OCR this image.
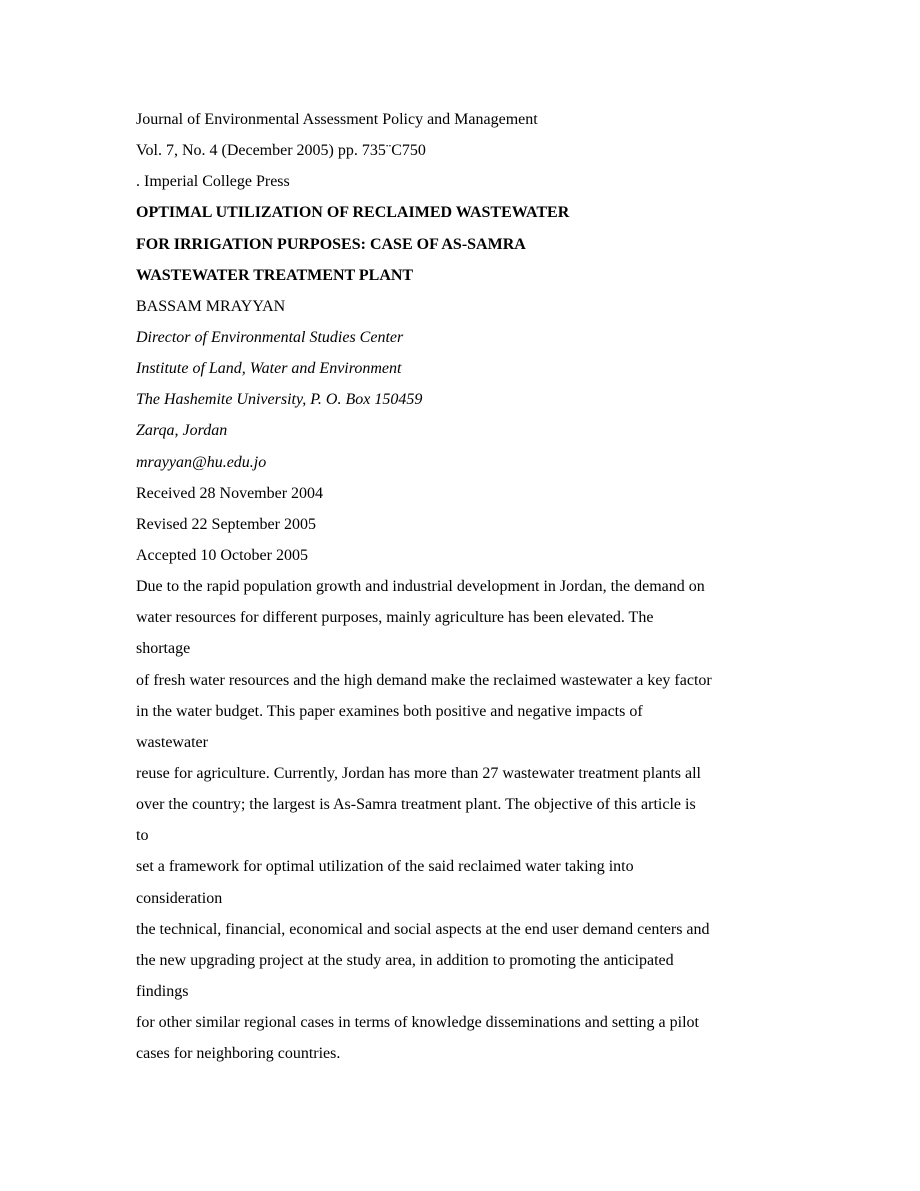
Journal of Environmental Assessment Policy and Management
Vol. 7, No. 4 (December 2005) pp. 735¨C750
. Imperial College Press
OPTIMAL UTILIZATION OF RECLAIMED WASTEWATER
FOR IRRIGATION PURPOSES: CASE OF AS-SAMRA
WASTEWATER TREATMENT PLANT
BASSAM MRAYYAN
Director of Environmental Studies Center
Institute of Land, Water and Environment
The Hashemite University, P. O. Box 150459
Zarqa, Jordan
mrayyan@hu.edu.jo
Received 28 November 2004
Revised 22 September 2005
Accepted 10 October 2005
Due to the rapid population growth and industrial development in Jordan, the demand on
water resources for different purposes, mainly agriculture has been elevated. The
shortage
of fresh water resources and the high demand make the reclaimed wastewater a key factor
in the water budget. This paper examines both positive and negative impacts of
wastewater
reuse for agriculture. Currently, Jordan has more than 27 wastewater treatment plants all
over the country; the largest is As-Samra treatment plant. The objective of this article is
to
set a framework for optimal utilization of the said reclaimed water taking into
consideration
the technical, financial, economical and social aspects at the end user demand centers and
the new upgrading project at the study area, in addition to promoting the anticipated
findings
for other similar regional cases in terms of knowledge disseminations and setting a pilot
cases for neighboring countries.
